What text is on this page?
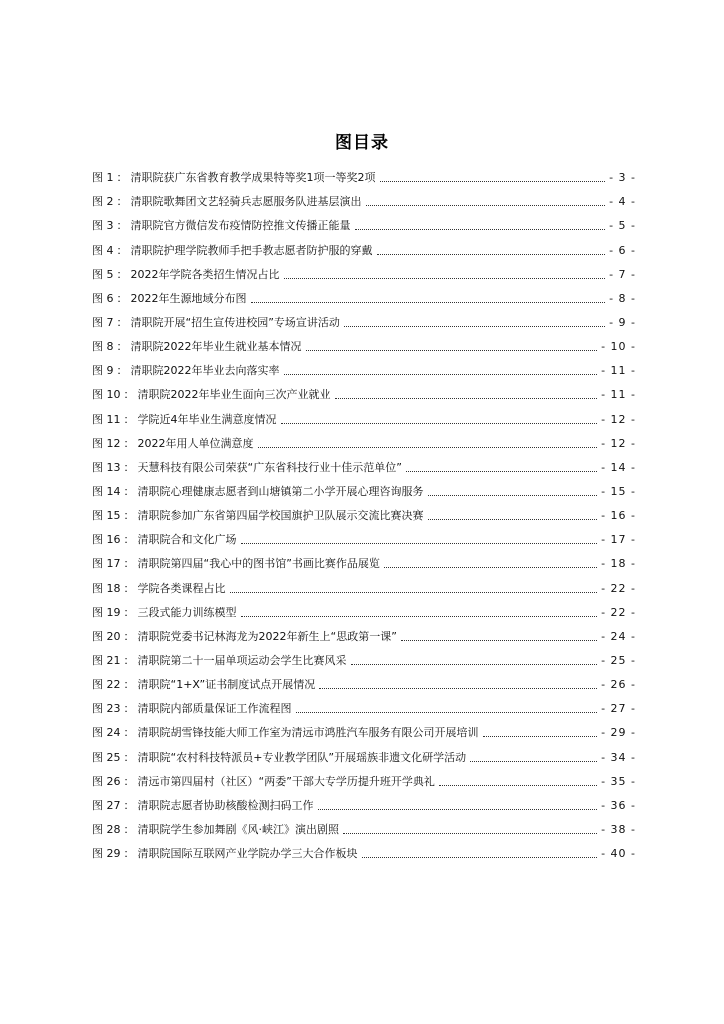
图目录
图 1 ： 清职院获广东省教育教学成果特等奖1项一等奖2项	- 3 -
图 2 ： 清职院歌舞团文艺轻骑兵志愿服务队进基层演出	- 4 -
图 3 ： 清职院官方微信发布疫情防控推文传播正能量	- 5 -
图 4 ： 清职院护理学院教师手把手教志愿者防护服的穿戴	- 6 -
图 5 ： 2022年学院各类招生情况占比	- 7 -
图 6 ： 2022年生源地域分布图	- 8 -
图 7 ： 清职院开展“招生宣传进校园”专场宣讲活动	- 9 -
图 8 ： 清职院2022年毕业生就业基本情况	- 10 -
图 9 ： 清职院2022年毕业去向落实率	- 11 -
图 10 ： 清职院2022年毕业生面向三次产业就业	- 11 -
图 11 ： 学院近4年毕业生满意度情况	- 12 -
图 12 ： 2022年用人单位满意度	- 12 -
图 13 ： 天慧科技有限公司荣获“广东省科技行业十佳示范单位”	- 14 -
图 14 ： 清职院心理健康志愿者到山塘镇第二小学开展心理咨询服务	- 15 -
图 15 ： 清职院参加广东省第四届学校国旗护卫队展示交流比赛决赛	- 16 -
图 16 ： 清职院合和文化广场	- 17 -
图 17 ： 清职院第四届“我心中的图书馆”书画比赛作品展览	- 18 -
图 18 ： 学院各类课程占比	- 22 -
图 19 ： 三段式能力训练模型	- 22 -
图 20 ： 清职院党委书记林海龙为2022年新生上“思政第一课”	- 24 -
图 21 ： 清职院第二十一届单项运动会学生比赛风采	- 25 -
图 22 ： 清职院“1+X”证书制度试点开展情况	- 26 -
图 23 ： 清职院内部质量保证工作流程图	- 27 -
图 24 ： 清职院胡雪锋技能大师工作室为清远市鸿胜汽车服务有限公司开展培训	- 29 -
图 25 ： 清职院“农村科技特派员+专业教学团队”开展瑶族非遗文化研学活动	- 34 -
图 26 ： 清远市第四届村（社区）“两委”干部大专学历提升班开学典礼	- 35 -
图 27 ： 清职院志愿者协助核酸检测扫码工作	- 36 -
图 28 ： 清职院学生参加舞剧《风·峡江》演出剧照	- 38 -
图 29 ： 清职院国际互联网产业学院办学三大合作板块	- 40 -
